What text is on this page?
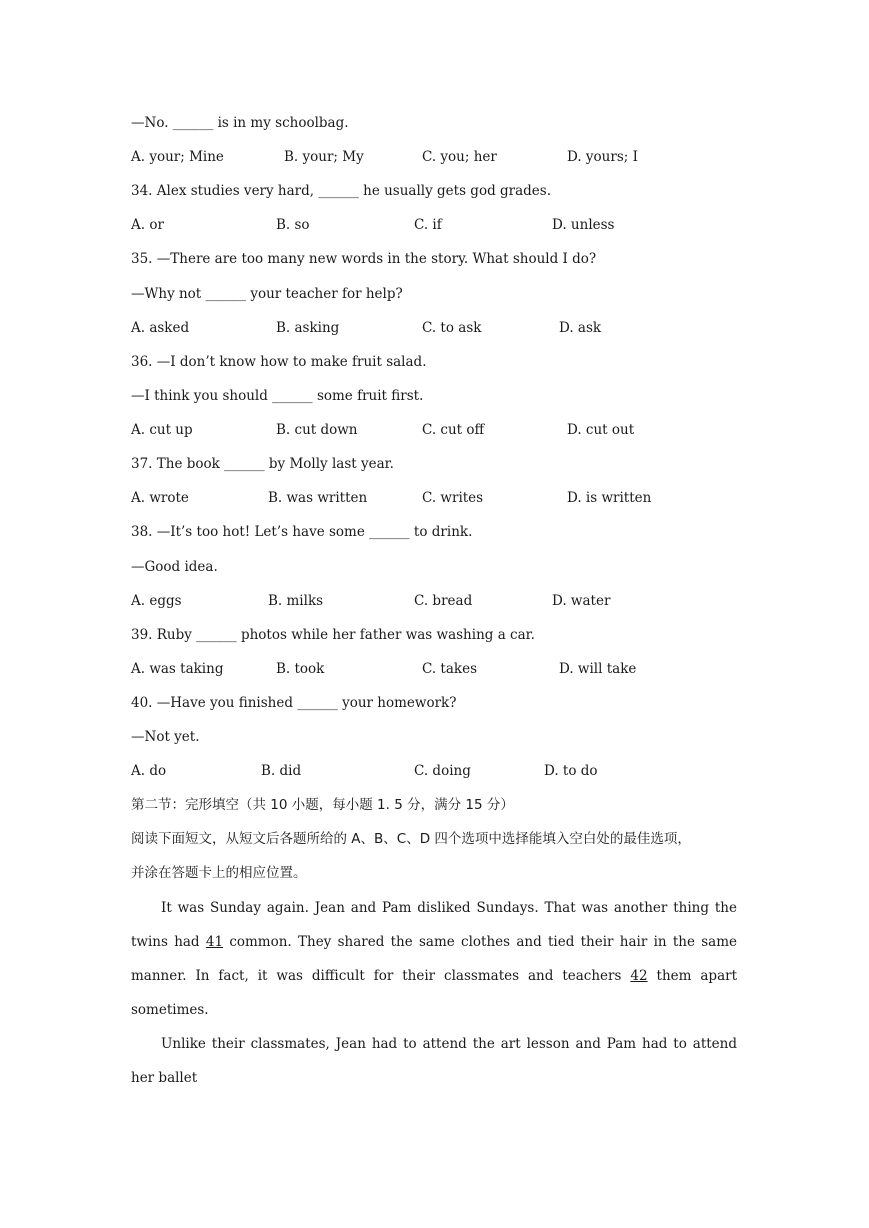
—No. ______ is in my schoolbag.
A. your; Mine	B. your; My	C. you; her	D. yours; I
34. Alex studies very hard, ______ he usually gets god grades.
A. or	B. so	C. if	D. unless
35. —There are too many new words in the story. What should I do?
—Why not ______ your teacher for help?
A. asked	B. asking	C. to ask	D. ask
36. —I don’t know how to make fruit salad.
—I think you should ______ some fruit first.
A. cut up	B. cut down	C. cut off	D. cut out
37. The book ______ by Molly last year.
A. wrote	B. was written	C. writes	D. is written
38. —It’s too hot! Let’s have some ______ to drink.
—Good idea.
A. eggs	B. milks	C. bread	D. water
39. Ruby ______ photos while her father was washing a car.
A. was taking	B. took	C. takes	D. will take
40. —Have you finished ______ your homework?
—Not yet.
A. do	B. did	C. doing	D. to do
第二节：完形填空（共 10 小题，每小题 1. 5 分，满分 15 分）
阅读下面短文，从短文后各题所给的 A、B、C、D 四个选项中选择能填入空白处的最佳选项，
并涂在答题卡上的相应位置。
It was Sunday again. Jean and Pam disliked Sundays. That was another thing the
twins had 41 common. They shared the same clothes and tied their hair in the same
manner. In fact, it was difficult for their classmates and teachers 42 them apart
sometimes.
Unlike their classmates, Jean had to attend the art lesson and Pam had to attend
her ballet
